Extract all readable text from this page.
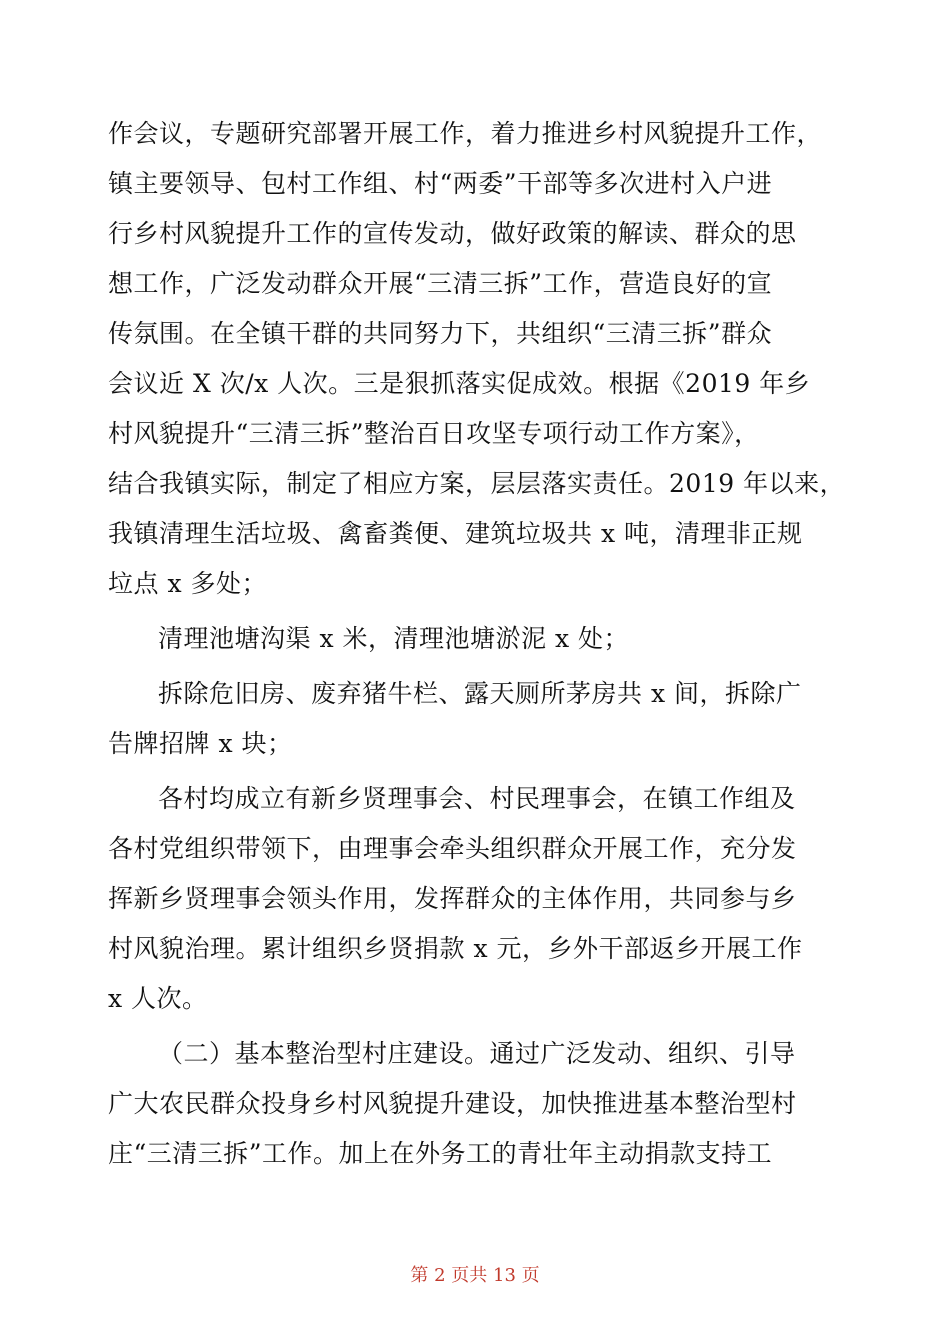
作会议，专题研究部署开展工作，着力推进乡村风貌提升工作，
镇主要领导、包村工作组、村“两委”干部等多次进村入户进
行乡村风貌提升工作的宣传发动，做好政策的解读、群众的思
想工作，广泛发动群众开展“三清三拆”工作，营造良好的宣
传氛围。在全镇干群的共同努力下，共组织“三清三拆”群众
会议近 X 次/x 人次。三是狠抓落实促成效。根据《2019 年乡
村风貌提升“三清三拆”整治百日攻坚专项行动工作方案》，
结合我镇实际，制定了相应方案，层层落实责任。2019 年以来，
我镇清理生活垃圾、禽畜粪便、建筑垃圾共 x 吨，清理非正规
垃点 x 多处；
清理池塘沟渠 x 米，清理池塘淤泥 x 处；
拆除危旧房、废弃猪牛栏、露天厕所茅房共 x 间，拆除广
告牌招牌 x 块；
各村均成立有新乡贤理事会、村民理事会，在镇工作组及
各村党组织带领下，由理事会牵头组织群众开展工作，充分发
挥新乡贤理事会领头作用，发挥群众的主体作用，共同参与乡
村风貌治理。累计组织乡贤捐款 x 元，乡外干部返乡开展工作
x 人次。
（二）基本整治型村庄建设。通过广泛发动、组织、引导
广大农民群众投身乡村风貌提升建设，加快推进基本整治型村
庄“三清三拆”工作。加上在外务工的青壮年主动捐款支持工
第 2 页共 13 页
